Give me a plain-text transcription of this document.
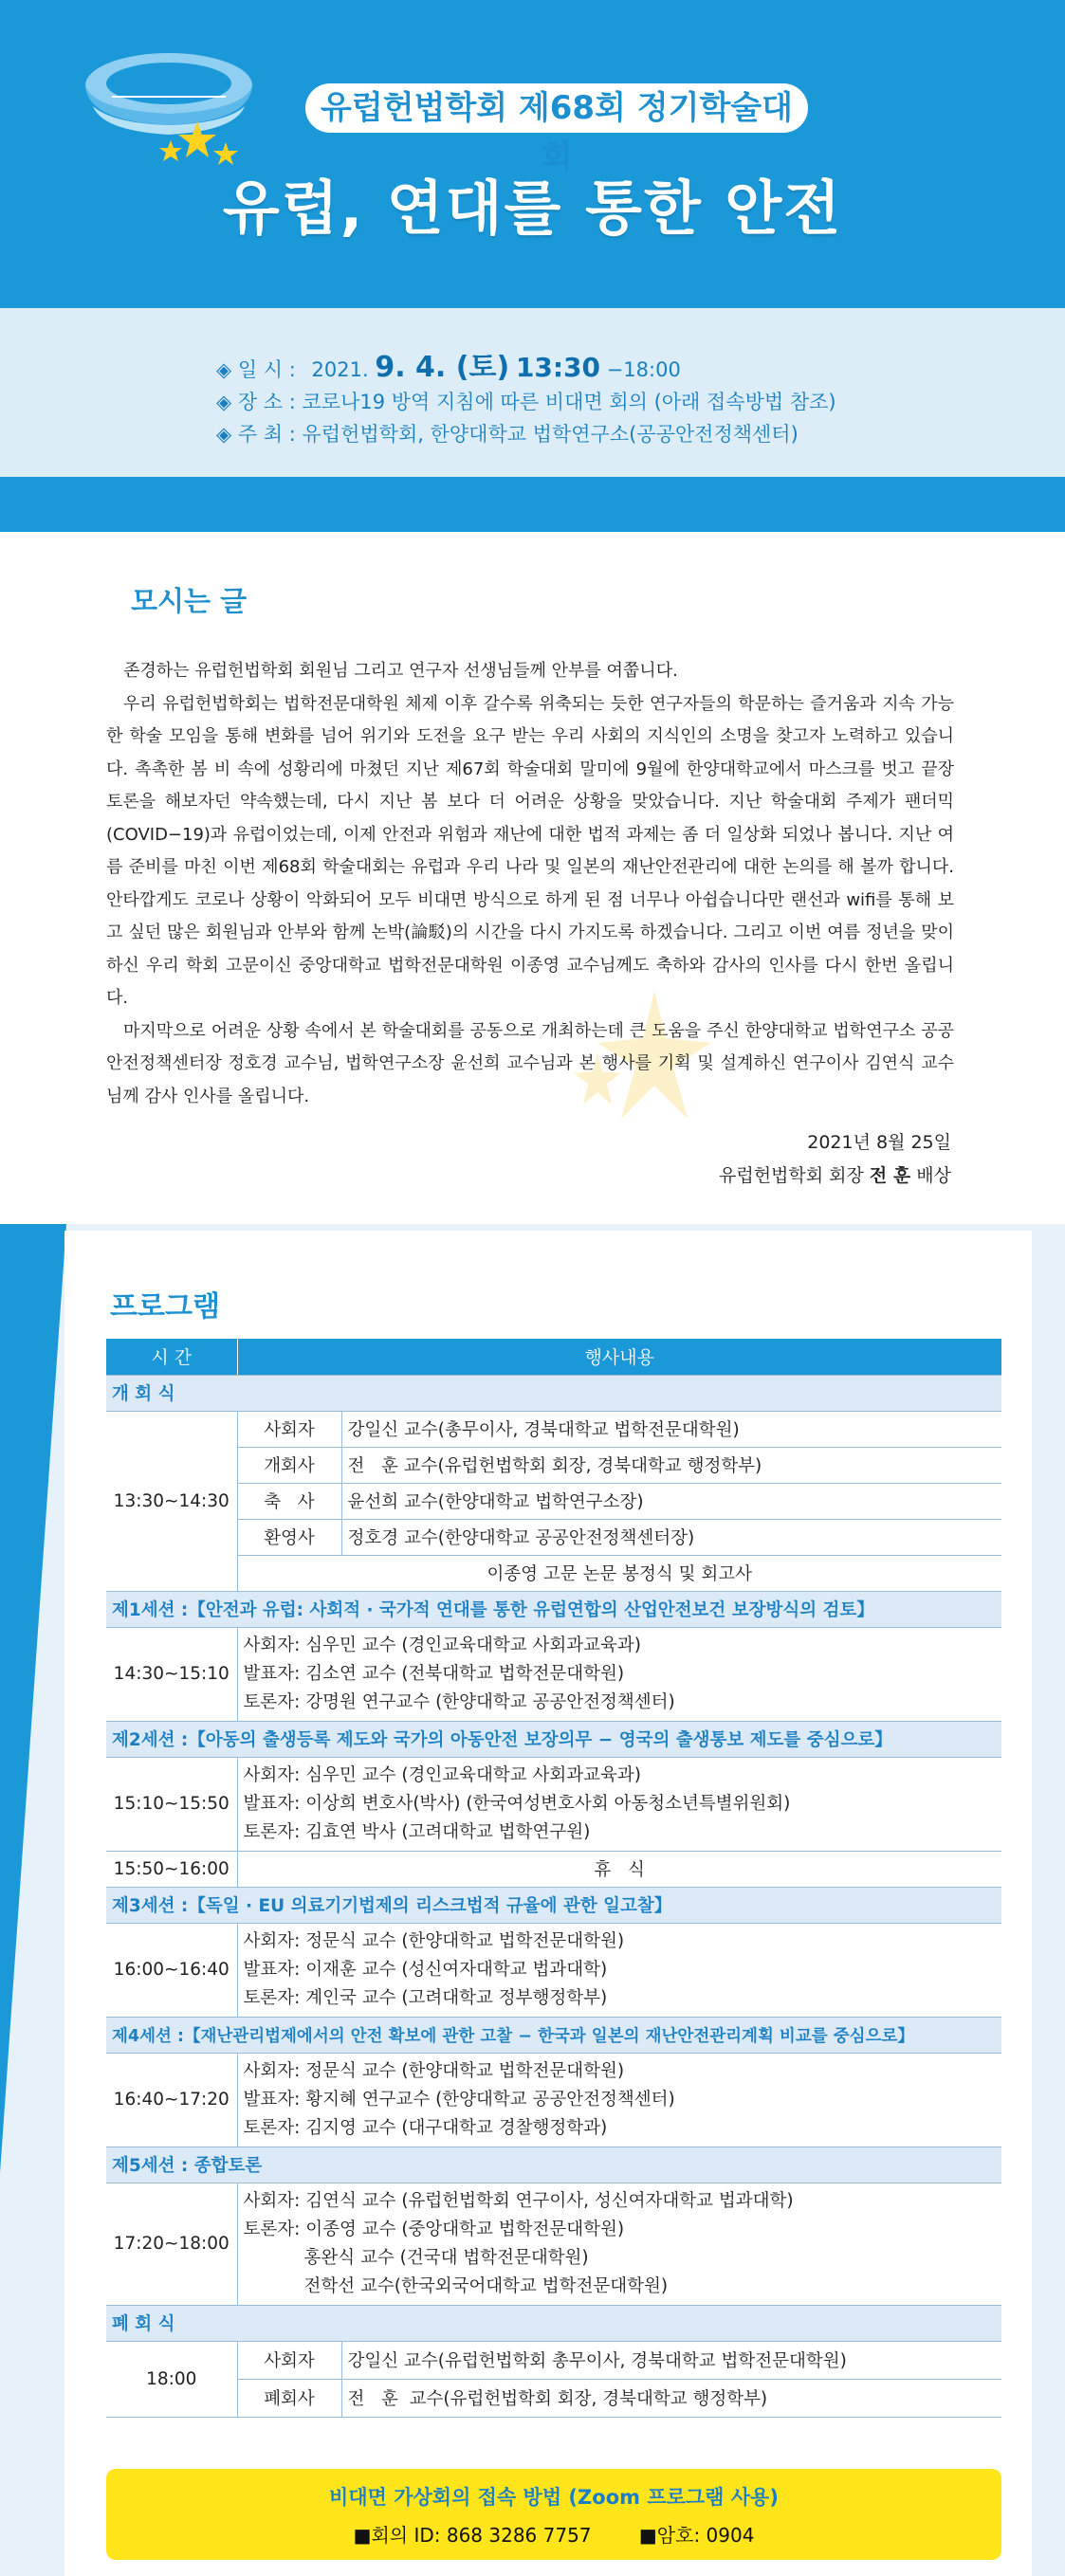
유럽헌법학회 제68회 정기학술대회
유럽, 연대를 통한 안전
◈ 일 시 : 2021. 9. 4. (토) 13:30 −18:00
◈ 장 소 : 코로나19 방역 지침에 따른 비대면 회의 (아래 접속방법 참조)
◈ 주 최 : 유럽헌법학회, 한양대학교 법학연구소(공공안전정책센터)
모시는 글

존경하는 유럽헌법학회 회원님 그리고 연구자 선생님들께 안부를 여쭙니다.

우리 유럽헌법학회는 법학전문대학원 체제 이후 갈수록 위축되는 듯한 연구자들의 학문하는 즐거움과 지속 가능한 학술 모임을 통해 변화를 넘어 위기와 도전을 요구 받는 우리 사회의 지식인의 소명을 찾고자 노력하고 있습니다. 촉촉한 봄 비 속에 성황리에 마쳤던 지난 제67회 학술대회 말미에 9월에 한양대학교에서 마스크를 벗고 끝장 토론을 해보자던 약속했는데, 다시 지난 봄 보다 더 어려운 상황을 맞았습니다. 지난 학술대회 주제가 팬더믹(COVID−19)과 유럽이었는데, 이제 안전과 위험과 재난에 대한 법적 과제는 좀 더 일상화 되었나 봅니다. 지난 여름 준비를 마친 이번 제68회 학술대회는 유럽과 우리 나라 및 일본의 재난안전관리에 대한 논의를 해 볼까 합니다. 안타깝게도 코로나 상황이 악화되어 모두 비대면 방식으로 하게 된 점 너무나 아쉽습니다만 랜선과 wifi를 통해 보고 싶던 많은 회원님과 안부와 함께 논박(論駁)의 시간을 다시 가지도록 하겠습니다. 그리고 이번 여름 정년을 맞이하신 우리 학회 고문이신 중앙대학교 법학전문대학원 이종영 교수님께도 축하와 감사의 인사를 다시 한번 올립니다.

마지막으로 어려운 상황 속에서 본 학술대회를 공동으로 개최하는데 큰 도움을 주신 한양대학교 법학연구소 공공안전정책센터장 정호경 교수님, 법학연구소장 윤선희 교수님과 본 행사를 기획 및 설계하신 연구이사 김연식 교수님께 감사 인사를 올립니다.

2021년 8월 25일
유럽헌법학회 회장 전 훈 배상
프로그램
시 간	행사내용	
개 회 식		
13:30∼14:30	사회자	강일신 교수(총무이사, 경북대학교 법학전문대학원)
	개회사	전   훈 교수(유럽헌법학회 회장, 경북대학교 행정학부)
	축   사	윤선희 교수(한양대학교 법학연구소장)
	환영사	정호경 교수(한양대학교 공공안전정책센터장)
	이종영 고문 논문 봉정식 및 회고사	
제1세션 :【안전과 유럽: 사회적 · 국가적 연대를 통한 유럽연합의 산업안전보건 보장방식의 검토】		
14:30∼15:10	사회자: 심우민 교수 (경인교육대학교 사회과교육과)
발표자: 김소연 교수 (전북대학교 법학전문대학원)
토론자: 강명원 연구교수 (한양대학교 공공안전정책센터)	

제2세션 :【아동의 출생등록 제도와 국가의 아동안전 보장의무 − 영국의 출생통보 제도를 중심으로】		
15:10∼15:50	사회자: 심우민 교수 (경인교육대학교 사회과교육과)
발표자: 이상희 변호사(박사) (한국여성변호사회 아동청소년특별위원회)
토론자: 김효연 박사 (고려대학교 법학연구원)	

15:50∼16:00	휴   식	
제3세션 :【독일 · EU 의료기기법제의 리스크법적 규율에 관한 일고찰】		
16:00∼16:40	사회자: 정문식 교수 (한양대학교 법학전문대학원)
발표자: 이재훈 교수 (성신여자대학교 법과대학)
토론자: 계인국 교수 (고려대학교 정부행정학부)	

제4세션 :【재난관리법제에서의 안전 확보에 관한 고찰 − 한국과 일본의 재난안전관리계획 비교를 중심으로】		
16:40∼17:20	사회자: 정문식 교수 (한양대학교 법학전문대학원)
발표자: 황지혜 연구교수 (한양대학교 공공안전정책센터)
토론자: 김지영 교수 (대구대학교 경찰행정학과)	

제5세션 : 종합토론		
17:20∼18:00	사회자: 김연식 교수 (유럽헌법학회 연구이사, 성신여자대학교 법과대학)
토론자: 이종영 교수 (중앙대학교 법학전문대학원)
홍완식 교수 (건국대 법학전문대학원)
전학선 교수(한국외국어대학교 법학전문대학원)	

폐 회 식		
18:00	사회자	강일신 교수(유럽헌법학회 총무이사, 경북대학교 법학전문대학원)
	폐회사	전   훈  교수(유럽헌법학회 회장, 경북대학교 행정학부)
비대면 가상회의 접속 방법 (Zoom 프로그램 사용)
■회의 ID: 868 3286 7757	■암호: 0904
